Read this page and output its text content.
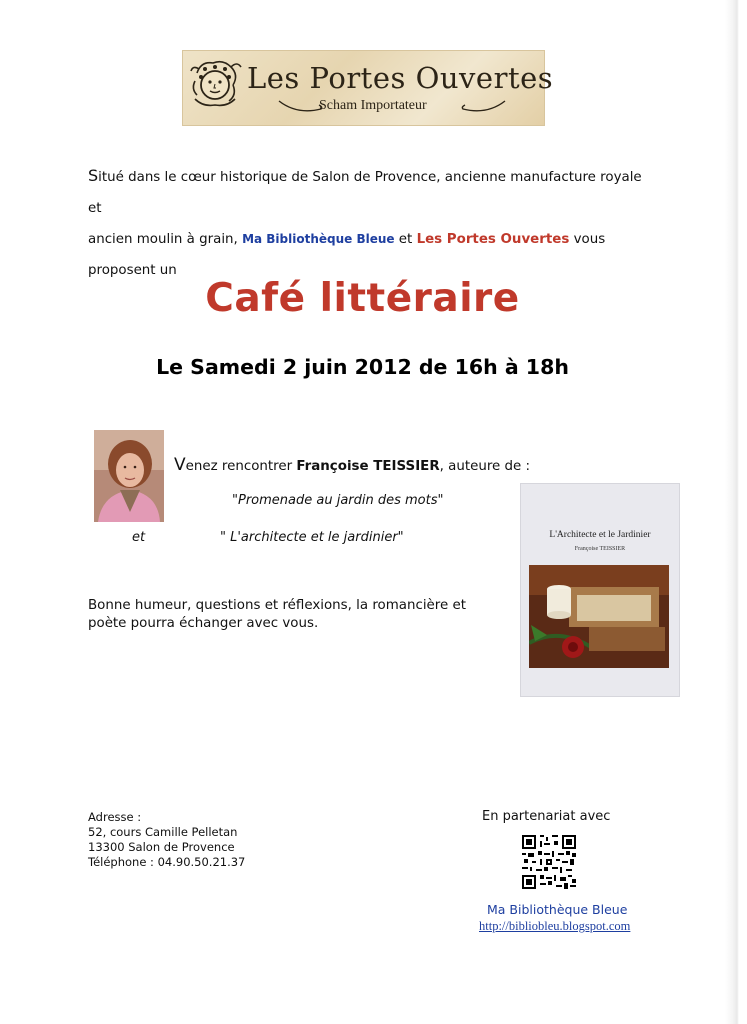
Les Portes Ouvertes
Scham Importateur
Situé dans le cœur historique de Salon de Provence, ancienne manufacture royale et
ancien moulin à grain, Ma Bibliothèque Bleue et Les Portes Ouvertes vous
proposent un
Café littéraire
Le Samedi 2 juin 2012 de 16h à 18h
Venez rencontrer Françoise TEISSIER, auteure de :
"Promenade au jardin des mots"
et	" L'architecte et le jardinier"
Bonne humeur, questions et réflexions, la romancière et poète pourra échanger avec vous.
L'Architecte et le Jardinier
Françoise TEISSIER
Adresse :
52, cours Camille Pelletan
13300 Salon de Provence
Téléphone : 04.90.50.21.37
En partenariat avec
Ma Bibliothèque Bleue
http://bibliobleu.blogspot.com
